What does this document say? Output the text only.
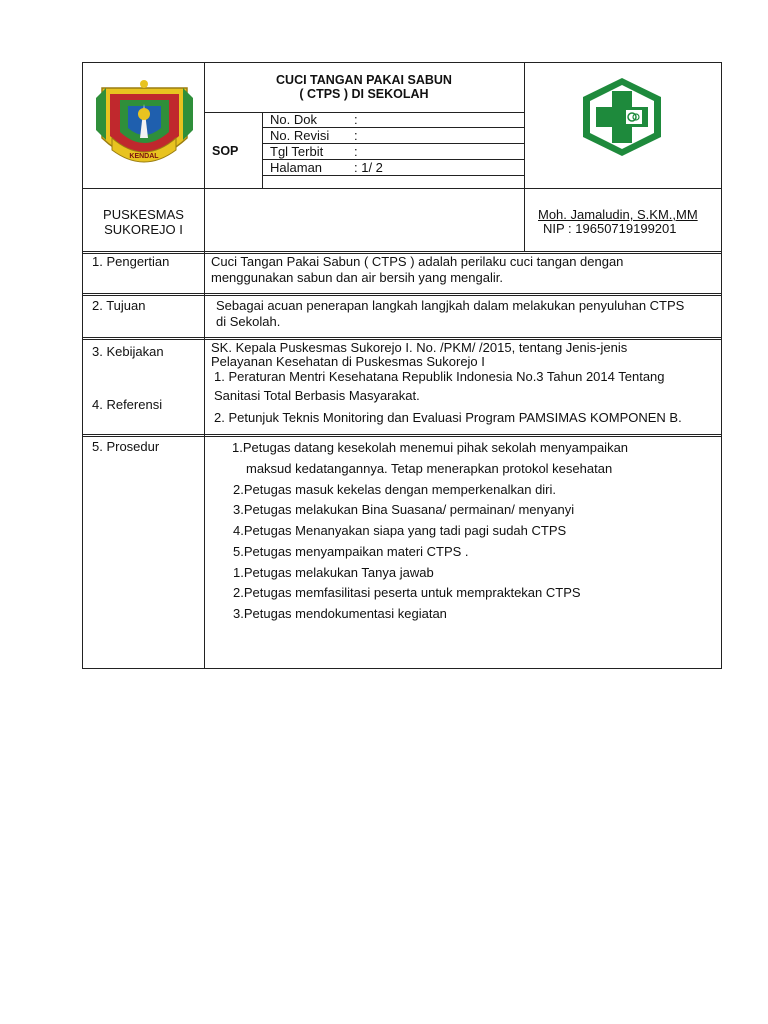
KENDAL
CUCI TANGAN PAKAI SABUN
( CTPS ) DI SEKOLAH
SOP
No. Dok	:
No. Revisi :
Tgl Terbit :
Halaman : 1/ 2
PUSKESMAS
SUKOREJO I
Moh. Jamaludin, S.KM.,MM
NIP : 19650719199201
1. Pengertian	Cuci Tangan Pakai Sabun ( CTPS ) adalah perilaku cuci tangan dengan
menggunakan sabun dan air bersih yang mengalir.
2. Tujuan	Sebagai acuan penerapan langkah langjkah dalam melakukan penyuluhan CTPS
di Sekolah.
3. Kebijakan	SK. Kepala Puskesmas Sukorejo I. No. /PKM/ /2015, tentang Jenis-jenis
Pelayanan Kesehatan di Puskesmas Sukorejo I
4. Referensi
1. Peraturan Mentri Kesehatana Republik Indonesia No.3 Tahun 2014 Tentang
Sanitasi Total Berbasis Masyarakat.
2. Petunjuk Teknis Monitoring dan Evaluasi Program PAMSIMAS KOMPONEN B.
5. Prosedur	1.Petugas datang kesekolah menemui pihak sekolah menyampaikan
maksud kedatangannya. Tetap menerapkan protokol kesehatan
2.Petugas masuk kekelas dengan memperkenalkan diri.
3.Petugas melakukan Bina Suasana/ permainan/ menyanyi
4.Petugas Menanyakan siapa yang tadi pagi sudah CTPS
5.Petugas menyampaikan materi CTPS .
1.Petugas melakukan Tanya jawab
2.Petugas memfasilitasi peserta untuk mempraktekan CTPS
3.Petugas mendokumentasi kegiatan
